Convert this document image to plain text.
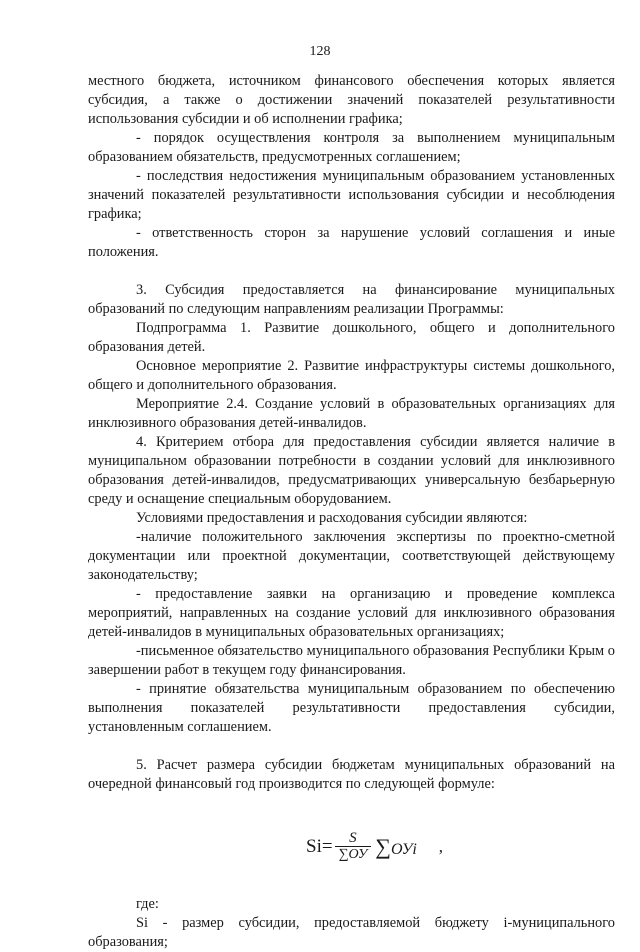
128

местного бюджета, источником финансового обеспечения которых является субсидия, а также о достижении значений показателей результативности использования субсидии и об исполнении графика;

- порядок осуществления контроля за выполнением муниципальным образованием обязательств, предусмотренных соглашением;

- последствия недостижения муниципальным образованием установленных значений показателей результативности использования субсидии и несоблюдения графика;

- ответственность сторон за нарушение условий соглашения и иные положения.

3. Субсидия предоставляется на финансирование муниципальных образований по следующим направлениям реализации Программы:

Подпрограмма 1. Развитие дошкольного, общего и дополнительного образования детей.

Основное мероприятие 2. Развитие инфраструктуры системы дошкольного, общего и дополнительного образования.

Мероприятие 2.4. Создание условий в образовательных организациях для инклюзивного образования детей-инвалидов.

4. Критерием отбора для предоставления субсидии является наличие в муниципальном образовании потребности в создании условий для инклюзивного образования детей-инвалидов, предусматривающих универсальную безбарьерную среду и оснащение специальным оборудованием.

Условиями предоставления и расходования субсидии являются:

-наличие положительного заключения экспертизы по проектно-сметной документации или проектной документации, соответствующей действующему законодательству;

- предоставление заявки на организацию и проведение комплекса мероприятий, направленных на создание условий для инклюзивного образования детей-инвалидов в муниципальных образовательных организациях;

-письменное обязательство муниципального образования Республики Крым о завершении работ в текущем году финансирования.

- принятие обязательства муниципальным образованием по обеспечению выполнения показателей результативности предоставления субсидии, установленным соглашением.

5. Расчет размера субсидии бюджетам муниципальных образований на очередной финансовый год производится по следующей формуле:

$Si= \frac{S}{\sum ОУ}$ ∑ ОУi ,

где:

Si - размер субсидии, предоставляемой бюджету i-муниципального образования;
